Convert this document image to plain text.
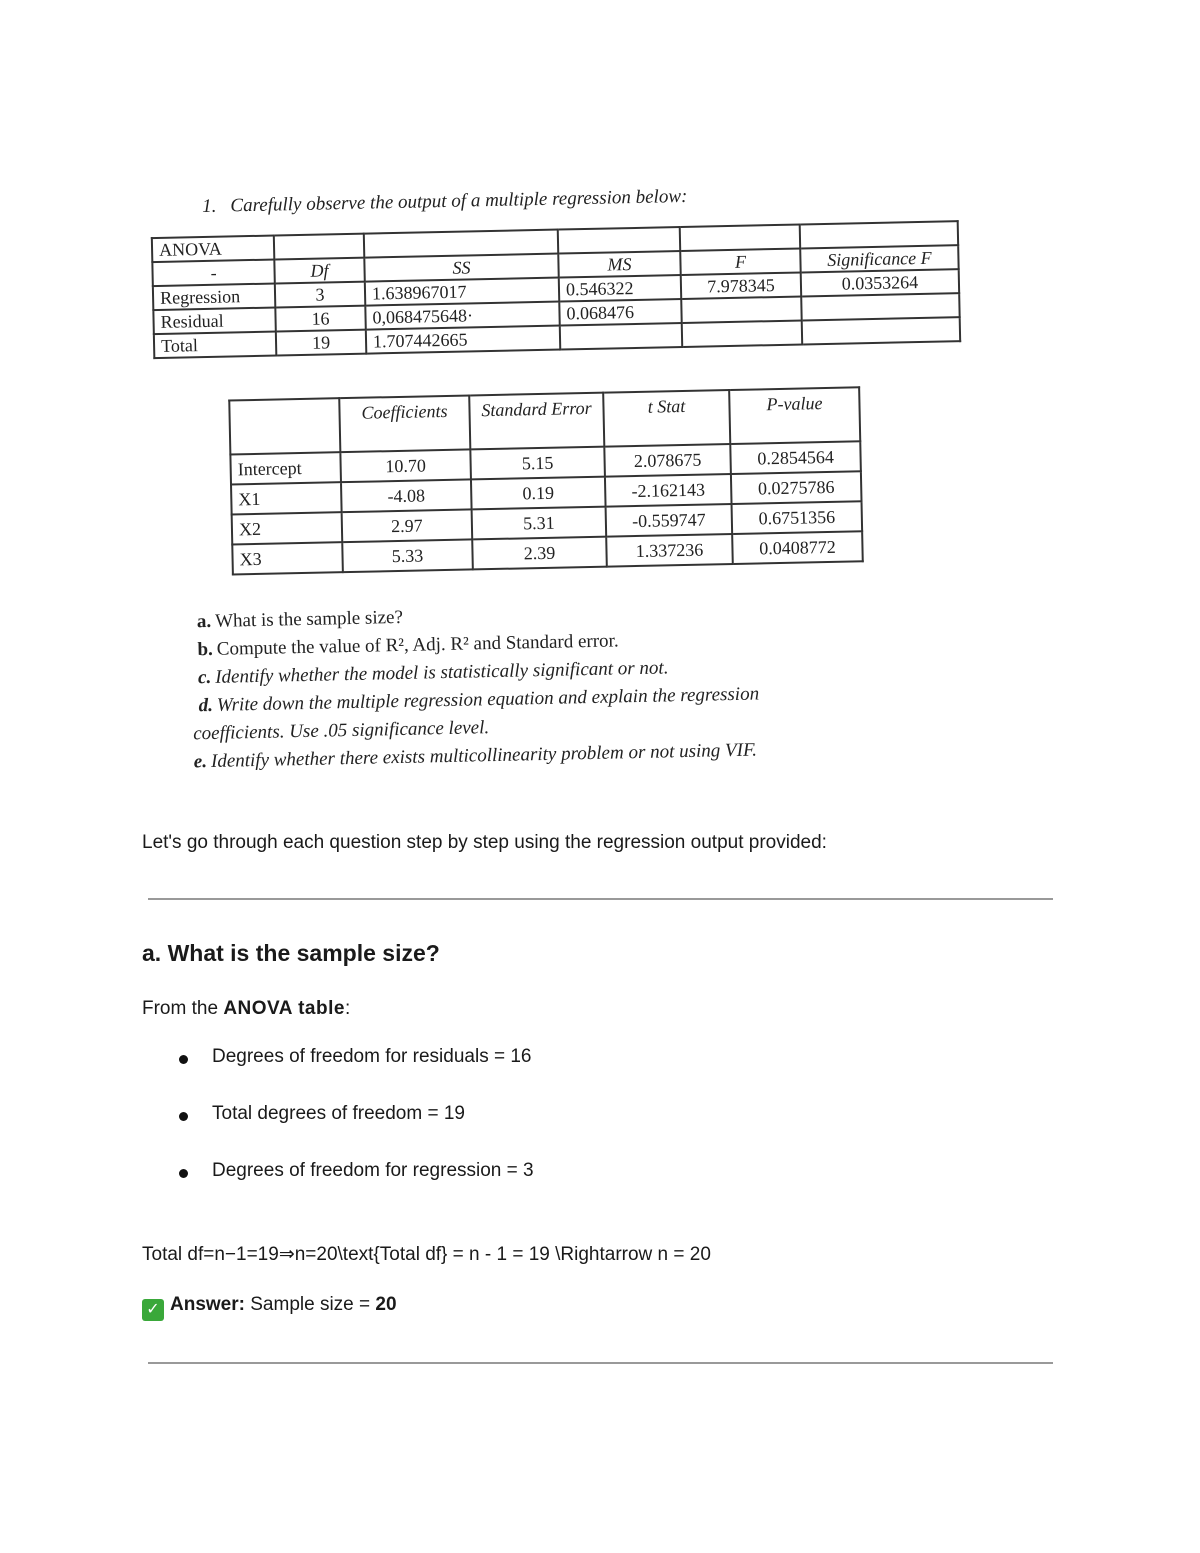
1. Carefully observe the output of a multiple regression below:
ANOVA					
-	Df	SS	MS	F	Significance F
Regression	3	1.638967017	0.546322	7.978345	0.0353264
Residual	16	0,068475648·	0.068476		
Total	19	1.707442665			
	Coefficients	Standard Error	t Stat	P-value
Intercept	10.70	5.15	2.078675	0.2854564
X1	-4.08	0.19	-2.162143	0.0275786
X2	2.97	5.31	-0.559747	0.6751356
X3	5.33	2.39	1.337236	0.0408772
a. What is the sample size?
b. Compute the value of R², Adj. R² and Standard error.
c. Identify whether the model is statistically significant or not.
d. Write down the multiple regression equation and explain the regression
coefficients. Use .05 significance level.
e. Identify whether there exists multicollinearity problem or not using VIF.
Let's go through each question step by step using the regression output provided:
a. What is the sample size?
From the ANOVA table:
Degrees of freedom for residuals = 16
Total degrees of freedom = 19
Degrees of freedom for regression = 3
Total df=n−1=19⇒n=20\text{Total df} = n - 1 = 19 \Rightarrow n = 20
✓ Answer: Sample size = 20
